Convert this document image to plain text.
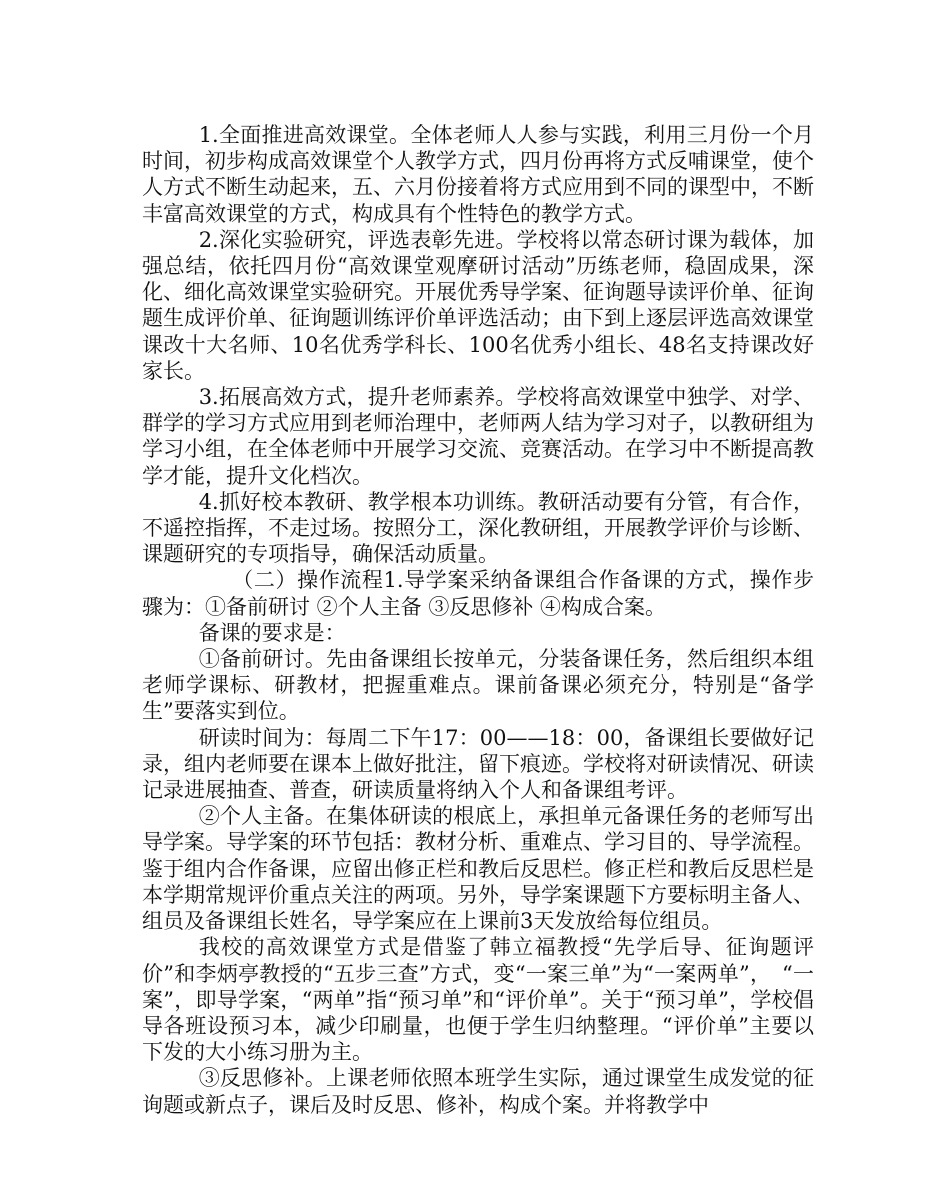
1.全面推进高效课堂。全体老师人人参与实践，利用三月份一个月时间，初步构成高效课堂个人教学方式，四月份再将方式反哺课堂，使个人方式不断生动起来，五、六月份接着将方式应用到不同的课型中，不断丰富高效课堂的方式，构成具有个性特色的教学方式。

2.深化实验研究，评选表彰先进。学校将以常态研讨课为载体，加强总结，依托四月份“高效课堂观摩研讨活动”历练老师，稳固成果，深化、细化高效课堂实验研究。开展优秀导学案、征询题导读评价单、征询题生成评价单、征询题训练评价单评选活动；由下到上逐层评选高效课堂课改十大名师、10名优秀学科长、100名优秀小组长、48名支持课改好家长。

3.拓展高效方式，提升老师素养。学校将高效课堂中独学、对学、群学的学习方式应用到老师治理中，老师两人结为学习对子，以教研组为学习小组，在全体老师中开展学习交流、竞赛活动。在学习中不断提高教学才能，提升文化档次。

4.抓好校本教研、教学根本功训练。教研活动要有分管，有合作，不遥控指挥，不走过场。按照分工，深化教研组，开展教学评价与诊断、课题研究的专项指导，确保活动质量。

（二）操作流程1.导学案采纳备课组合作备课的方式，操作步骤为：①备前研讨 ②个人主备 ③反思修补 ④构成合案。

备课的要求是：

①备前研讨。先由备课组长按单元，分装备课任务，然后组织本组老师学课标、研教材，把握重难点。课前备课必须充分，特别是“备学生”要落实到位。

研读时间为：每周二下午17：00——18：00，备课组长要做好记录，组内老师要在课本上做好批注，留下痕迹。学校将对研读情况、研读记录进展抽查、普查，研读质量将纳入个人和备课组考评。

②个人主备。在集体研读的根底上，承担单元备课任务的老师写出导学案。导学案的环节包括：教材分析、重难点、学习目的、导学流程。鉴于组内合作备课，应留出修正栏和教后反思栏。修正栏和教后反思栏是本学期常规评价重点关注的两项。另外，导学案课题下方要标明主备人、组员及备课组长姓名，导学案应在上课前3天发放给每位组员。

我校的高效课堂方式是借鉴了韩立福教授“先学后导、征询题评价”和李炳亭教授的“五步三查”方式，变“一案三单”为“一案两单”，　“一案”，即导学案，“两单”指“预习单”和“评价单”。关于“预习单”，学校倡导各班设预习本，减少印刷量，也便于学生归纳整理。“评价单”主要以下发的大小练习册为主。

③反思修补。上课老师依照本班学生实际，通过课堂生成发觉的征询题或新点子，课后及时反思、修补，构成个案。并将教学中
